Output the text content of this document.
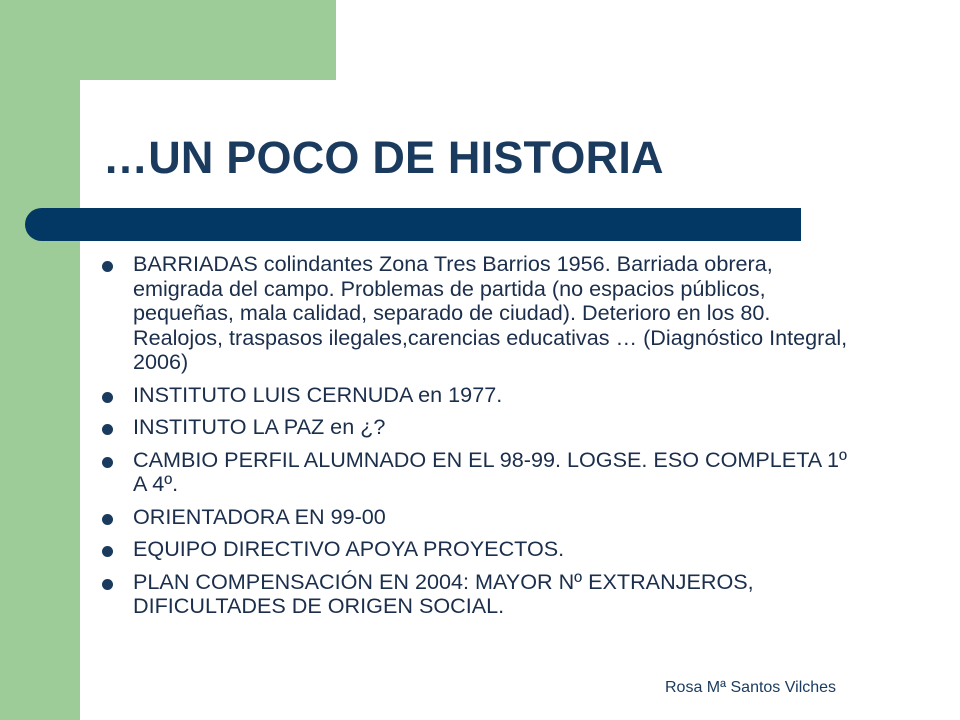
…UN POCO DE HISTORIA
BARRIADAS colindantes Zona Tres Barrios 1956. Barriada obrera, emigrada del campo. Problemas de partida (no espacios públicos, pequeñas, mala calidad, separado de ciudad). Deterioro en los 80. Realojos, traspasos ilegales,carencias educativas … (Diagnóstico Integral, 2006)
INSTITUTO LUIS CERNUDA en 1977.
INSTITUTO LA PAZ en ¿?
CAMBIO PERFIL ALUMNADO EN EL 98-99. LOGSE. ESO COMPLETA 1º A 4º.
ORIENTADORA EN 99-00
EQUIPO DIRECTIVO APOYA PROYECTOS.
PLAN COMPENSACIÓN EN 2004: MAYOR Nº EXTRANJEROS, DIFICULTADES DE ORIGEN SOCIAL.
Rosa Mª Santos Vilches
